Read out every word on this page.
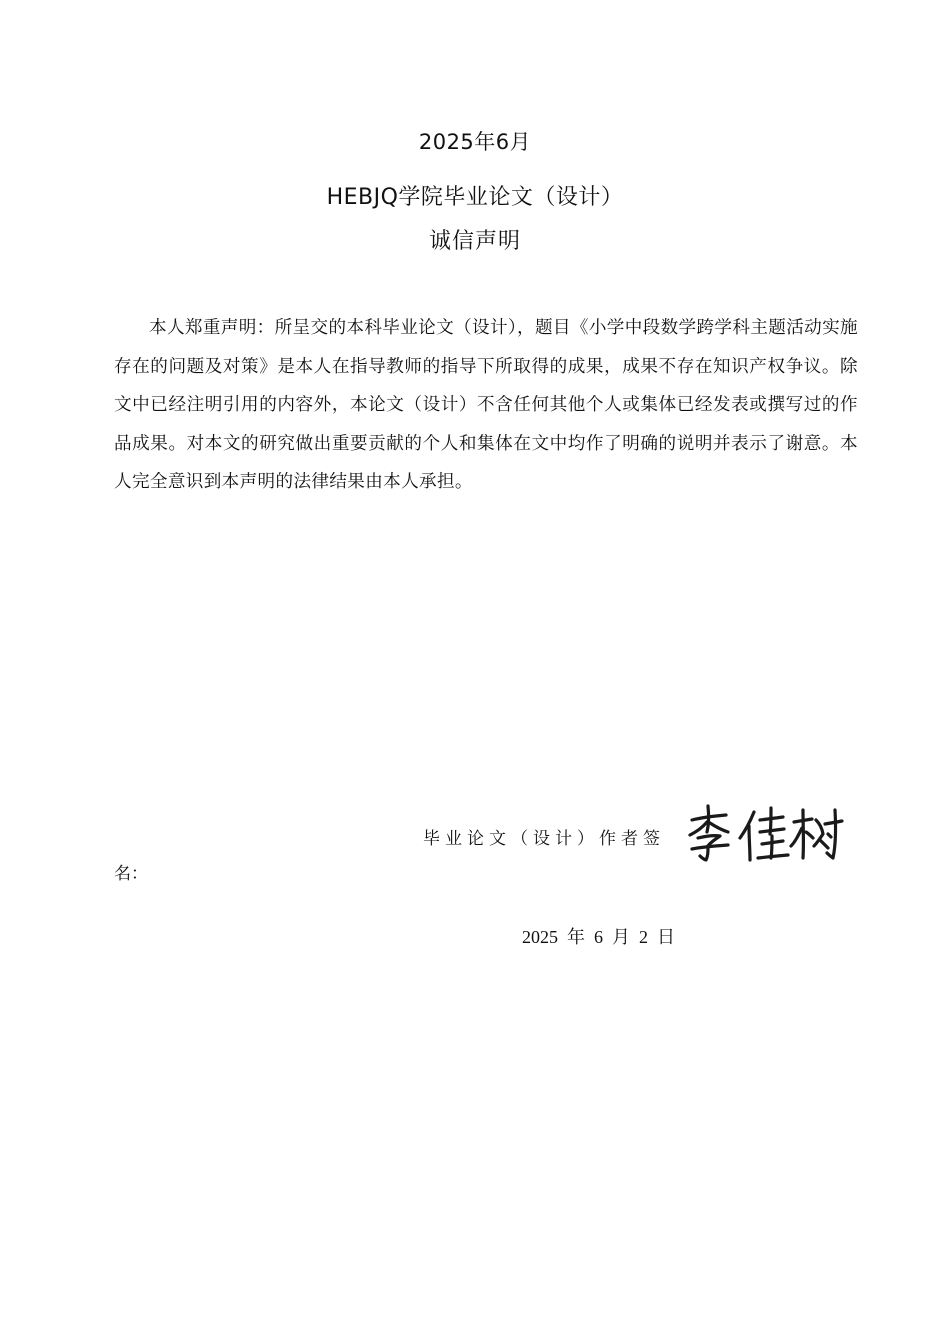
2025年6月
HEBJQ学院毕业论文（设计）
诚信声明

本人郑重声明：所呈交的本科毕业论文（设计），题目《小学中段数学跨学科主题活动实施存在的问题及对策》是本人在指导教师的指导下所取得的成果，成果不存在知识产权争议。除文中已经注明引用的内容外，本论文（设计）不含任何其他个人或集体已经发表或撰写过的作品成果。对本文的研究做出重要贡献的个人和集体在文中均作了明确的说明并表示了谢意。本人完全意识到本声明的法律结果由本人承担。

毕业论文（设计）作者签
名：
2025 年 6 月 2 日
